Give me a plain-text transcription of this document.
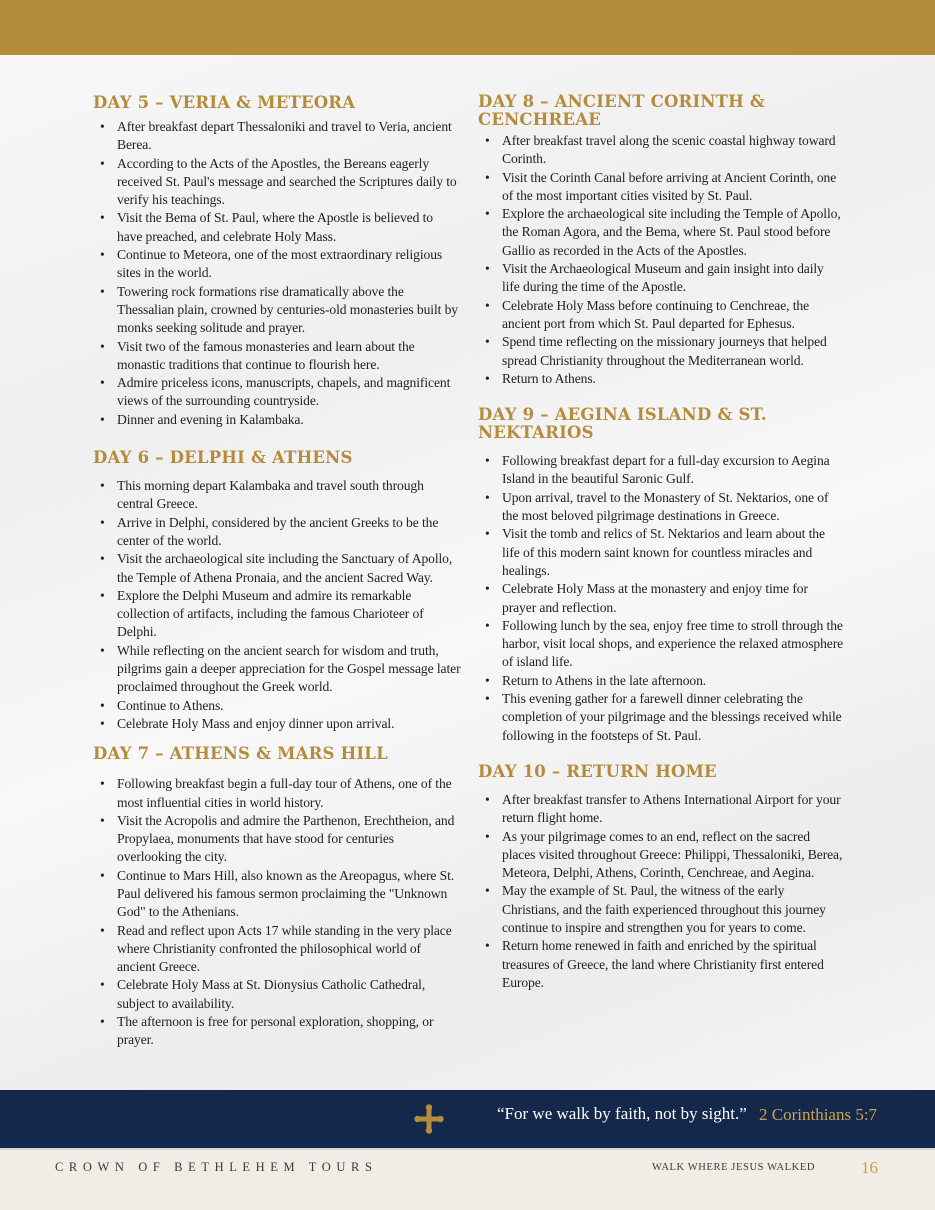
DAY 5 – VERIA & METEORA
• After breakfast depart Thessaloniki and travel to Veria, ancient Berea.
• According to the Acts of the Apostles, the Bereans eagerly received St. Paul's message and searched the Scriptures daily to verify his teachings.
• Visit the Bema of St. Paul, where the Apostle is believed to have preached, and celebrate Holy Mass.
• Continue to Meteora, one of the most extraordinary religious sites in the world.
• Towering rock formations rise dramatically above the Thessalian plain, crowned by centuries-old monasteries built by monks seeking solitude and prayer.
• Visit two of the famous monasteries and learn about the monastic traditions that continue to flourish here.
• Admire priceless icons, manuscripts, chapels, and magnificent views of the surrounding countryside.
• Dinner and evening in Kalambaka.
DAY 6 – DELPHI & ATHENS
• This morning depart Kalambaka and travel south through central Greece.
• Arrive in Delphi, considered by the ancient Greeks to be the center of the world.
• Visit the archaeological site including the Sanctuary of Apollo, the Temple of Athena Pronaia, and the ancient Sacred Way.
• Explore the Delphi Museum and admire its remarkable collection of artifacts, including the famous Charioteer of Delphi.
• While reflecting on the ancient search for wisdom and truth, pilgrims gain a deeper appreciation for the Gospel message later proclaimed throughout the Greek world.
• Continue to Athens.
• Celebrate Holy Mass and enjoy dinner upon arrival.
DAY 7 – ATHENS & MARS HILL
• Following breakfast begin a full-day tour of Athens, one of the most influential cities in world history.
• Visit the Acropolis and admire the Parthenon, Erechtheion, and Propylaea, monuments that have stood for centuries overlooking the city.
• Continue to Mars Hill, also known as the Areopagus, where St. Paul delivered his famous sermon proclaiming the "Unknown God" to the Athenians.
• Read and reflect upon Acts 17 while standing in the very place where Christianity confronted the philosophical world of ancient Greece.
• Celebrate Holy Mass at St. Dionysius Catholic Cathedral, subject to availability.
• The afternoon is free for personal exploration, shopping, or prayer.
DAY 8 – ANCIENT CORINTH & CENCHREAE
• After breakfast travel along the scenic coastal highway toward Corinth.
• Visit the Corinth Canal before arriving at Ancient Corinth, one of the most important cities visited by St. Paul.
• Explore the archaeological site including the Temple of Apollo, the Roman Agora, and the Bema, where St. Paul stood before Gallio as recorded in the Acts of the Apostles.
• Visit the Archaeological Museum and gain insight into daily life during the time of the Apostle.
• Celebrate Holy Mass before continuing to Cenchreae, the ancient port from which St. Paul departed for Ephesus.
• Spend time reflecting on the missionary journeys that helped spread Christianity throughout the Mediterranean world.
• Return to Athens.
DAY 9 – AEGINA ISLAND & ST. NEKTARIOS
• Following breakfast depart for a full-day excursion to Aegina Island in the beautiful Saronic Gulf.
• Upon arrival, travel to the Monastery of St. Nektarios, one of the most beloved pilgrimage destinations in Greece.
• Visit the tomb and relics of St. Nektarios and learn about the life of this modern saint known for countless miracles and healings.
• Celebrate Holy Mass at the monastery and enjoy time for prayer and reflection.
• Following lunch by the sea, enjoy free time to stroll through the harbor, visit local shops, and experience the relaxed atmosphere of island life.
• Return to Athens in the late afternoon.
• This evening gather for a farewell dinner celebrating the completion of your pilgrimage and the blessings received while following in the footsteps of St. Paul.
DAY 10 – RETURN HOME
• After breakfast transfer to Athens International Airport for your return flight home.
• As your pilgrimage comes to an end, reflect on the sacred places visited throughout Greece: Philippi, Thessaloniki, Berea, Meteora, Delphi, Athens, Corinth, Cenchreae, and Aegina.
• May the example of St. Paul, the witness of the early Christians, and the faith experienced throughout this journey continue to inspire and strengthen you for years to come.
• Return home renewed in faith and enriched by the spiritual treasures of Greece, the land where Christianity first entered Europe.
“For we walk by faith, not by sight.” 2 Corinthians 5:7
CROWN OF BETHLEHEM TOURS	WALK WHERE JESUS WALKED	16
